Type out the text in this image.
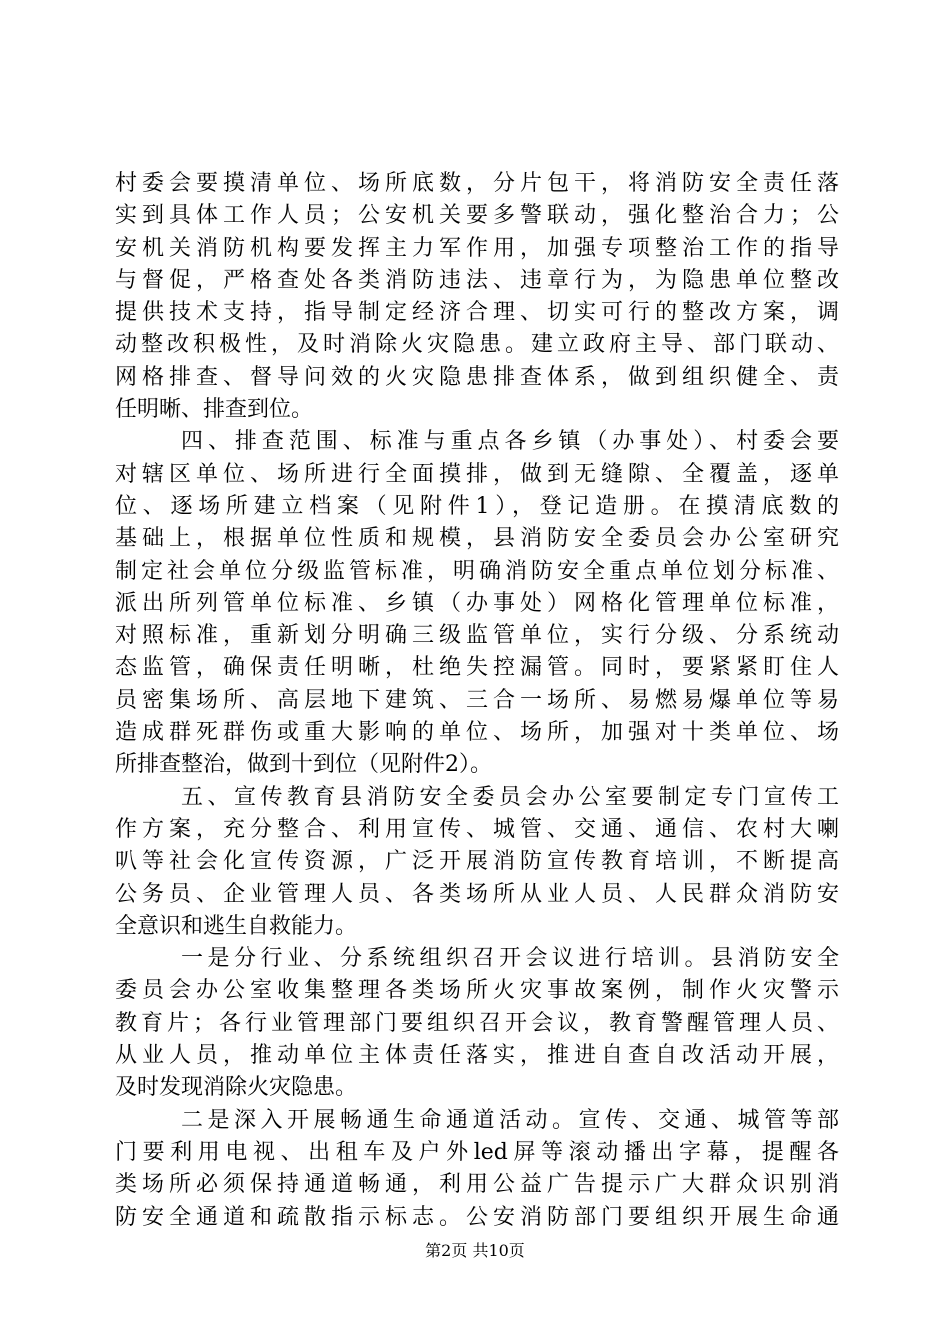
村委会要摸清单位、场所底数，分片包干，将消防安全责任落
实到具体工作人员；公安机关要多警联动，强化整治合力；公
安机关消防机构要发挥主力军作用，加强专项整治工作的指导
与督促，严格查处各类消防违法、违章行为，为隐患单位整改
提供技术支持，指导制定经济合理、切实可行的整改方案，调
动整改积极性，及时消除火灾隐患。建立政府主导、部门联动、
网格排查、督导问效的火灾隐患排查体系，做到组织健全、责
任明晰、排查到位。
四、排查范围、标准与重点各乡镇（办事处）、村委会要
对辖区单位、场所进行全面摸排，做到无缝隙、全覆盖，逐单
位、逐场所建立档案（见附件1），登记造册。在摸清底数的
基础上，根据单位性质和规模，县消防安全委员会办公室研究
制定社会单位分级监管标准，明确消防安全重点单位划分标准、
派出所列管单位标准、乡镇（办事处）网格化管理单位标准，
对照标准，重新划分明确三级监管单位，实行分级、分系统动
态监管，确保责任明晰，杜绝失控漏管。同时，要紧紧盯住人
员密集场所、高层地下建筑、三合一场所、易燃易爆单位等易
造成群死群伤或重大影响的单位、场所，加强对十类单位、场
所排查整治，做到十到位（见附件2）。
五、宣传教育县消防安全委员会办公室要制定专门宣传工
作方案，充分整合、利用宣传、城管、交通、通信、农村大喇
叭等社会化宣传资源，广泛开展消防宣传教育培训，不断提高
公务员、企业管理人员、各类场所从业人员、人民群众消防安
全意识和逃生自救能力。
一是分行业、分系统组织召开会议进行培训。县消防安全
委员会办公室收集整理各类场所火灾事故案例，制作火灾警示
教育片；各行业管理部门要组织召开会议，教育警醒管理人员、
从业人员，推动单位主体责任落实，推进自查自改活动开展，
及时发现消除火灾隐患。
二是深入开展畅通生命通道活动。宣传、交通、城管等部
门要利用电视、出租车及户外led屏等滚动播出字幕，提醒各
类场所必须保持通道畅通，利用公益广告提示广大群众识别消
防安全通道和疏散指示标志。公安消防部门要组织开展生命通
第2页 共10页
